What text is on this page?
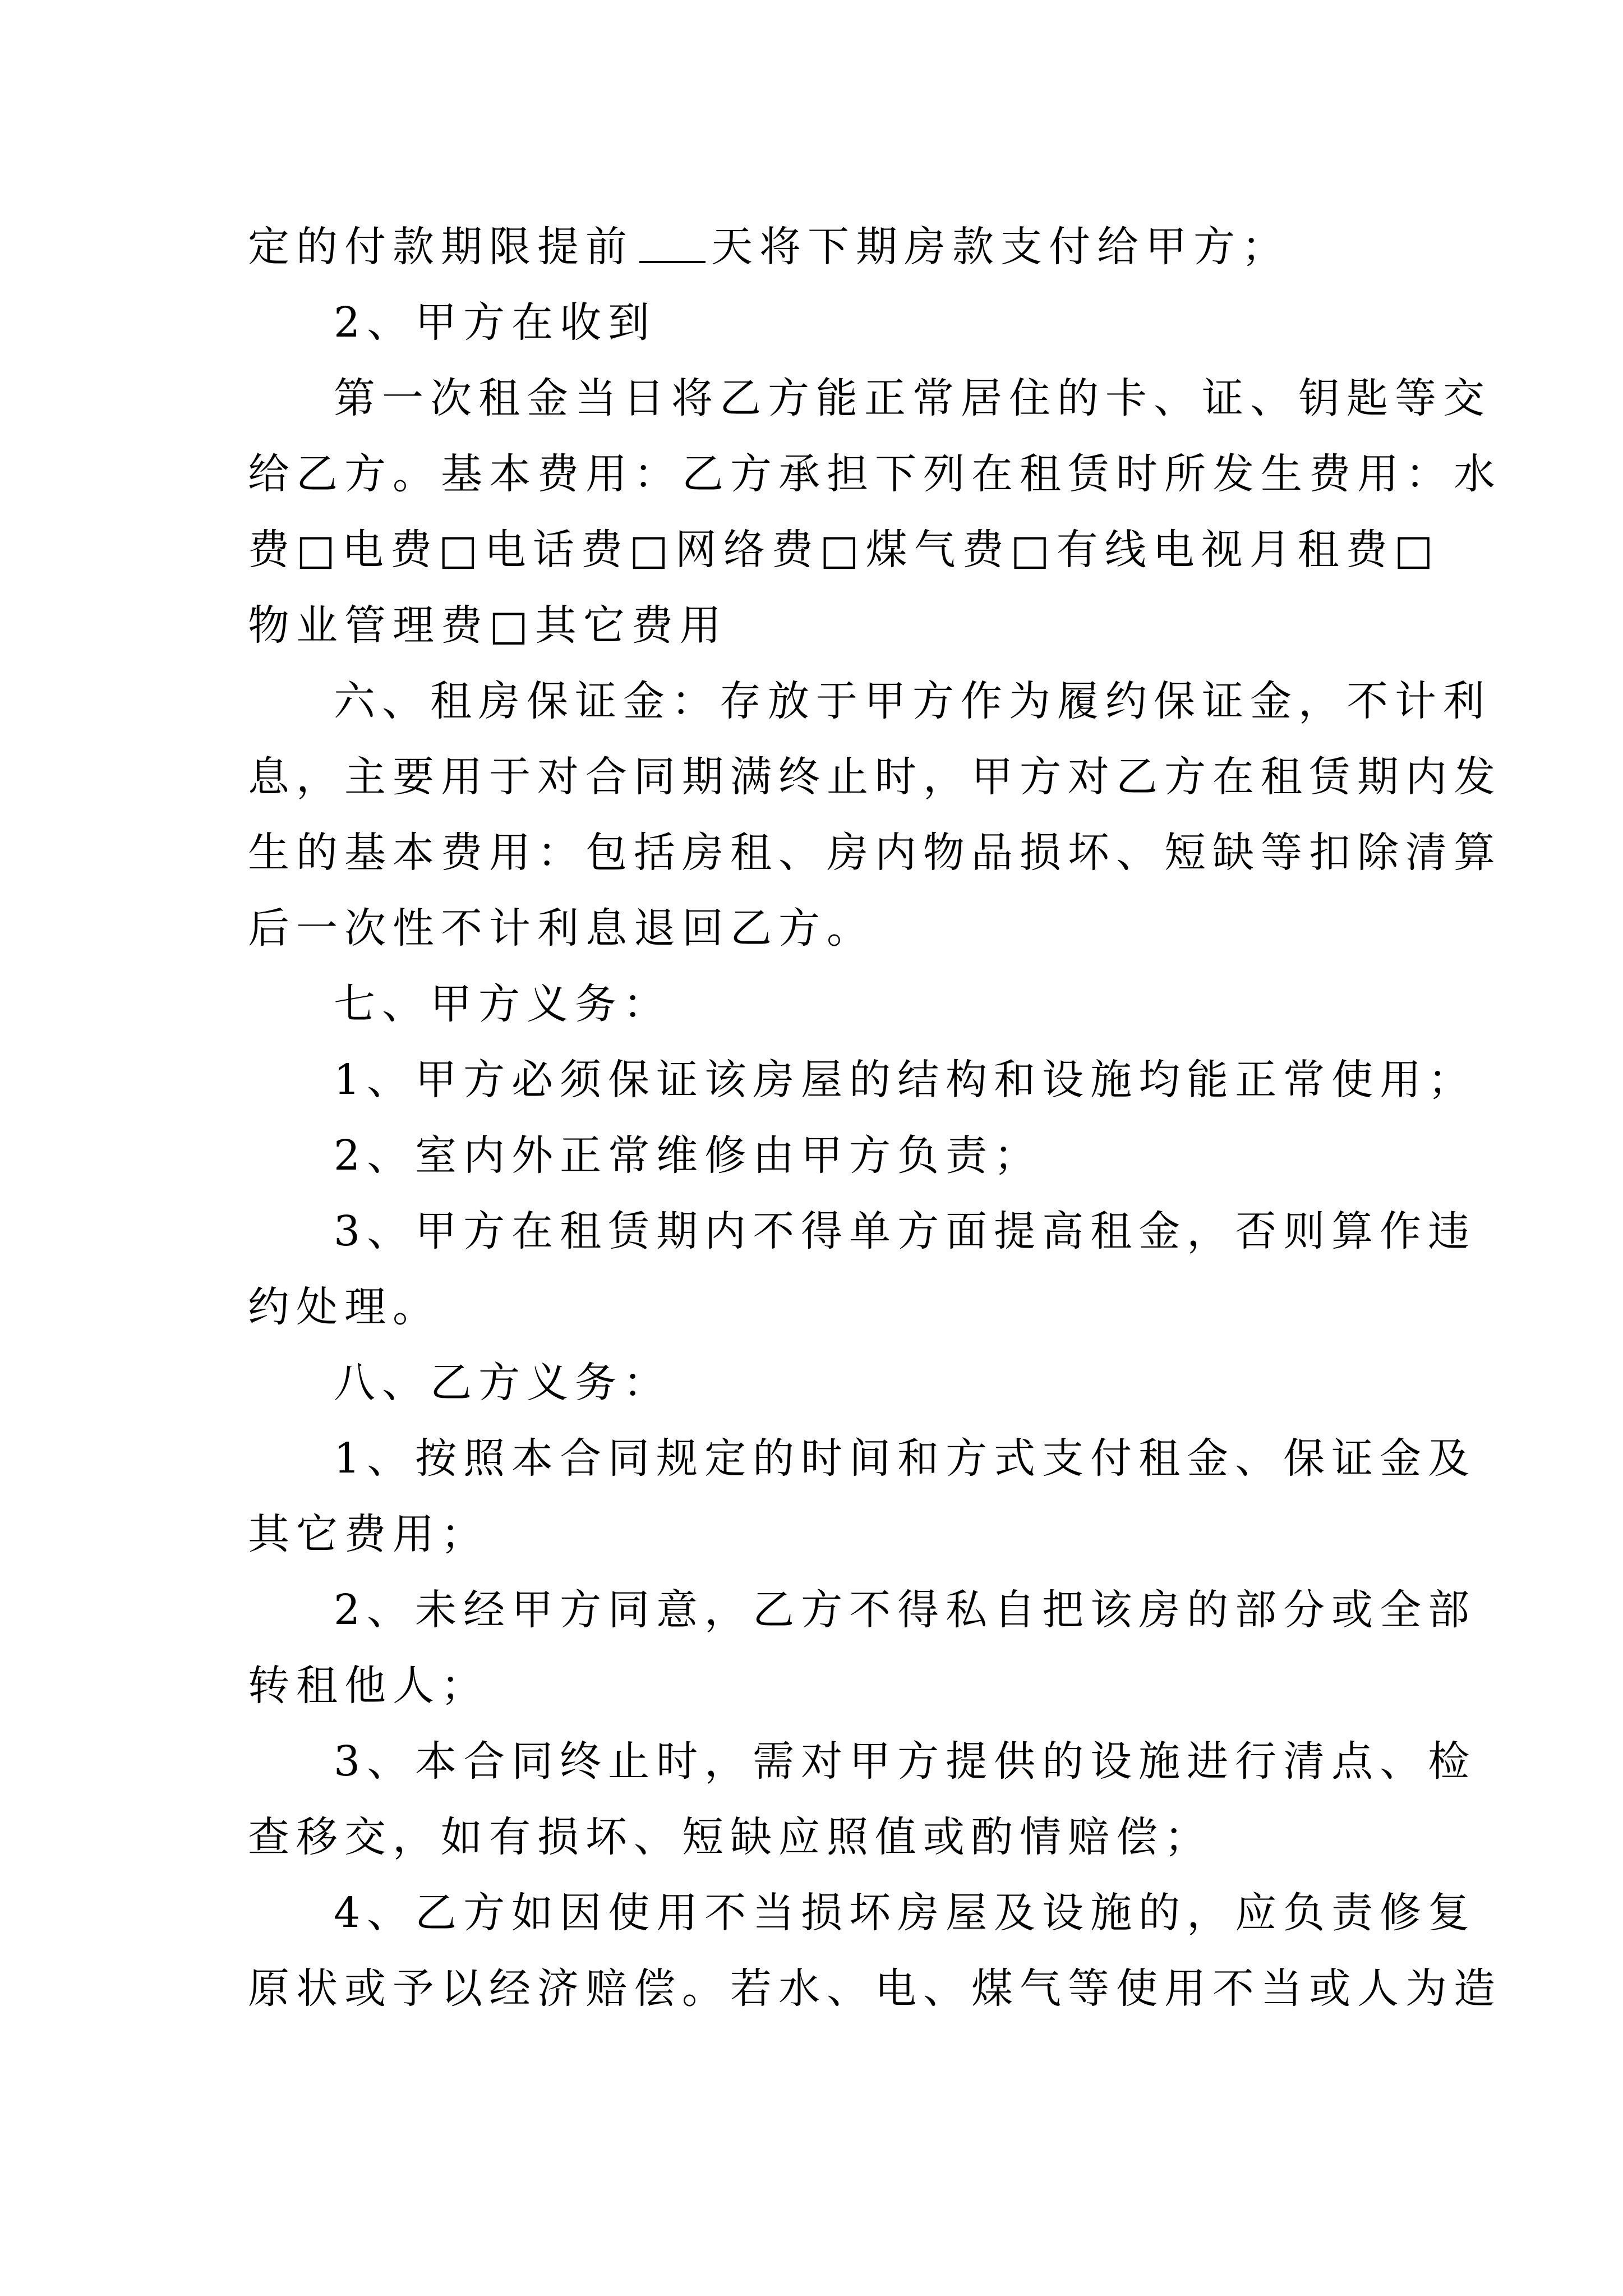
定的付款期限提前 天将下期房款支付给甲方；
2、甲方在收到
第一次租金当日将乙方能正常居住的卡、证、钥匙等交
给乙方。基本费用：乙方承担下列在租赁时所发生费用：水
费□电费□电话费□网络费□煤气费□有线电视月租费□
物业管理费□其它费用
六、租房保证金：存放于甲方作为履约保证金，不计利
息，主要用于对合同期满终止时，甲方对乙方在租赁期内发
生的基本费用：包括房租、房内物品损坏、短缺等扣除清算
后一次性不计利息退回乙方。
七、甲方义务：
1、甲方必须保证该房屋的结构和设施均能正常使用；
2、室内外正常维修由甲方负责；
3、甲方在租赁期内不得单方面提高租金，否则算作违
约处理。
八、乙方义务：
1、按照本合同规定的时间和方式支付租金、保证金及
其它费用；
2、未经甲方同意，乙方不得私自把该房的部分或全部
转租他人；
3、本合同终止时，需对甲方提供的设施进行清点、检
查移交，如有损坏、短缺应照值或酌情赔偿；
4、乙方如因使用不当损坏房屋及设施的，应负责修复
原状或予以经济赔偿。若水、电、煤气等使用不当或人为造
